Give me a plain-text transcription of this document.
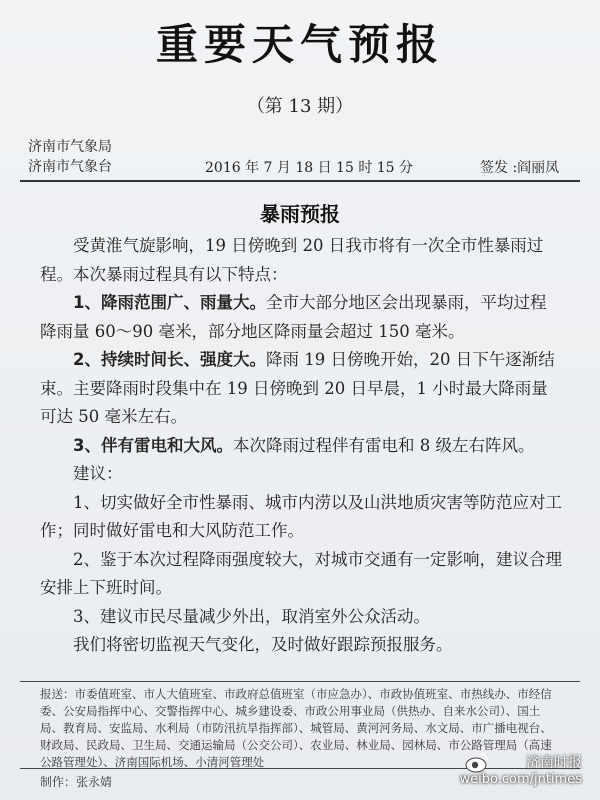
重要天气预报
（第 13 期）
济南市气象局
济南市气象台	2016 年 7 月 18 日 15 时 15 分	签发 :阎丽凤
暴雨预报

受黄淮气旋影响，19 日傍晚到 20 日我市将有一次全市性暴雨过程。本次暴雨过程具有以下特点：

1、降雨范围广、雨量大。全市大部分地区会出现暴雨，平均过程降雨量 60～90 毫米，部分地区降雨量会超过 150 毫米。

2、持续时间长、强度大。降雨 19 日傍晚开始，20 日下午逐渐结束。主要降雨时段集中在 19 日傍晚到 20 日早晨，1 小时最大降雨量可达 50 毫米左右。

3、伴有雷电和大风。本次降雨过程伴有雷电和 8 级左右阵风。

建议：

1、切实做好全市性暴雨、城市内涝以及山洪地质灾害等防范应对工作；同时做好雷电和大风防范工作。

2、鉴于本次过程降雨强度较大，对城市交通有一定影响，建议合理安排上下班时间。

3、建议市民尽量减少外出，取消室外公众活动。

我们将密切监视天气变化，及时做好跟踪预报服务。

报送：市委值班室、市人大值班室、市政府总值班室（市应急办）、市政协值班室、市热线办、市经信委、公安局指挥中心、交警指挥中心、城乡建设委、市政公用事业局（供热办、自来水公司）、国土局、教育局、安监局、水利局（市防汛抗旱指挥部）、城管局、黄河河务局、水文局、市广播电视台、财政局、民政局、卫生局、交通运输局（公交公司）、农业局、林业局、园林局、市公路管理局（高速公路管理处）、济南国际机场、小清河管理处
制作：张永婧
济南时报
weibo.com/jntimes
